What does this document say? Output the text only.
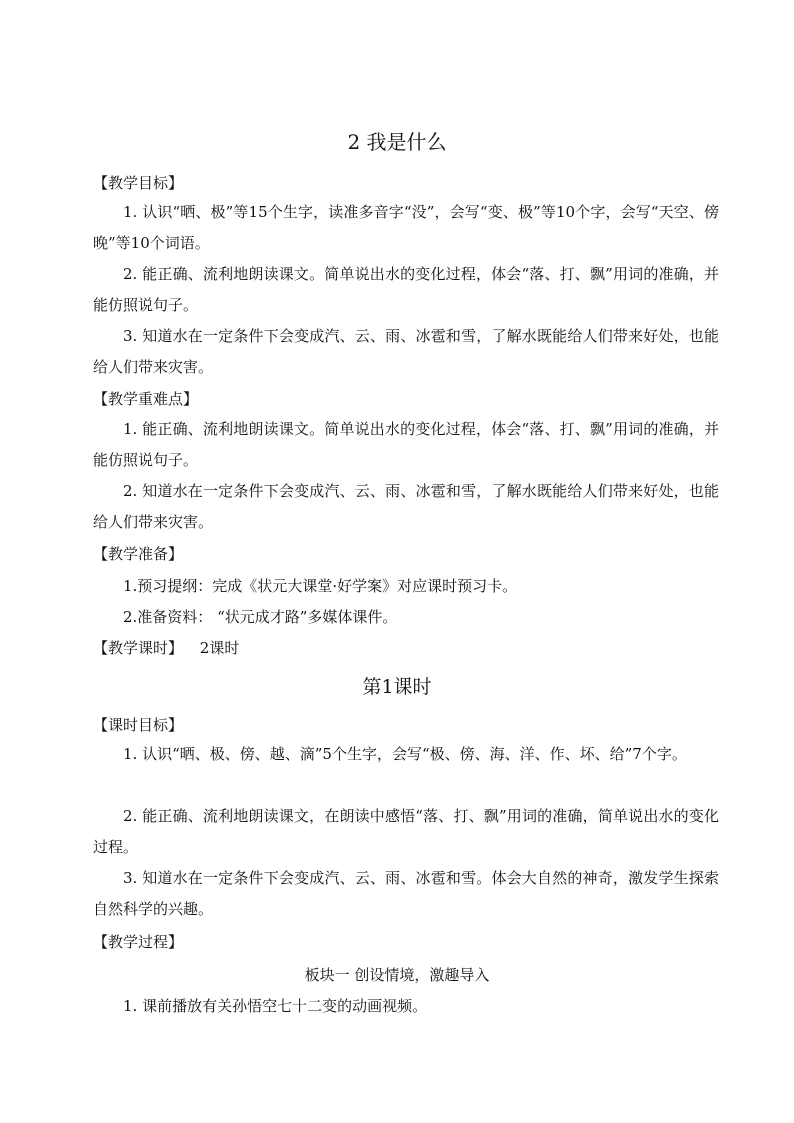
2 我是什么
【教学目标】
1. 认识“晒、极”等15个生字，读准多音字“没”，会写“变、极”等10个字，会写“天空、傍晚”等10个词语。
2. 能正确、流利地朗读课文。简单说出水的变化过程，体会“落、打、飘”用词的准确，并能仿照说句子。
3. 知道水在一定条件下会变成汽、云、雨、冰雹和雪，了解水既能给人们带来好处，也能给人们带来灾害。
【教学重难点】
1. 能正确、流利地朗读课文。简单说出水的变化过程，体会“落、打、飘”用词的准确，并能仿照说句子。
2. 知道水在一定条件下会变成汽、云、雨、冰雹和雪，了解水既能给人们带来好处，也能给人们带来灾害。
【教学准备】
1.预习提纲：完成《状元大课堂·好学案》对应课时预习卡。
2.准备资料： “状元成才路”多媒体课件。
【教学课时】 2课时
第1课时
【课时目标】
1. 认识“晒、极、傍、越、滴”5个生字，会写“极、傍、海、洋、作、坏、给”7个字。
2. 能正确、流利地朗读课文，在朗读中感悟“落、打、飘”用词的准确，简单说出水的变化过程。
3. 知道水在一定条件下会变成汽、云、雨、冰雹和雪。体会大自然的神奇，激发学生探索自然科学的兴趣。
【教学过程】
板块一 创设情境，激趣导入
1. 课前播放有关孙悟空七十二变的动画视频。
